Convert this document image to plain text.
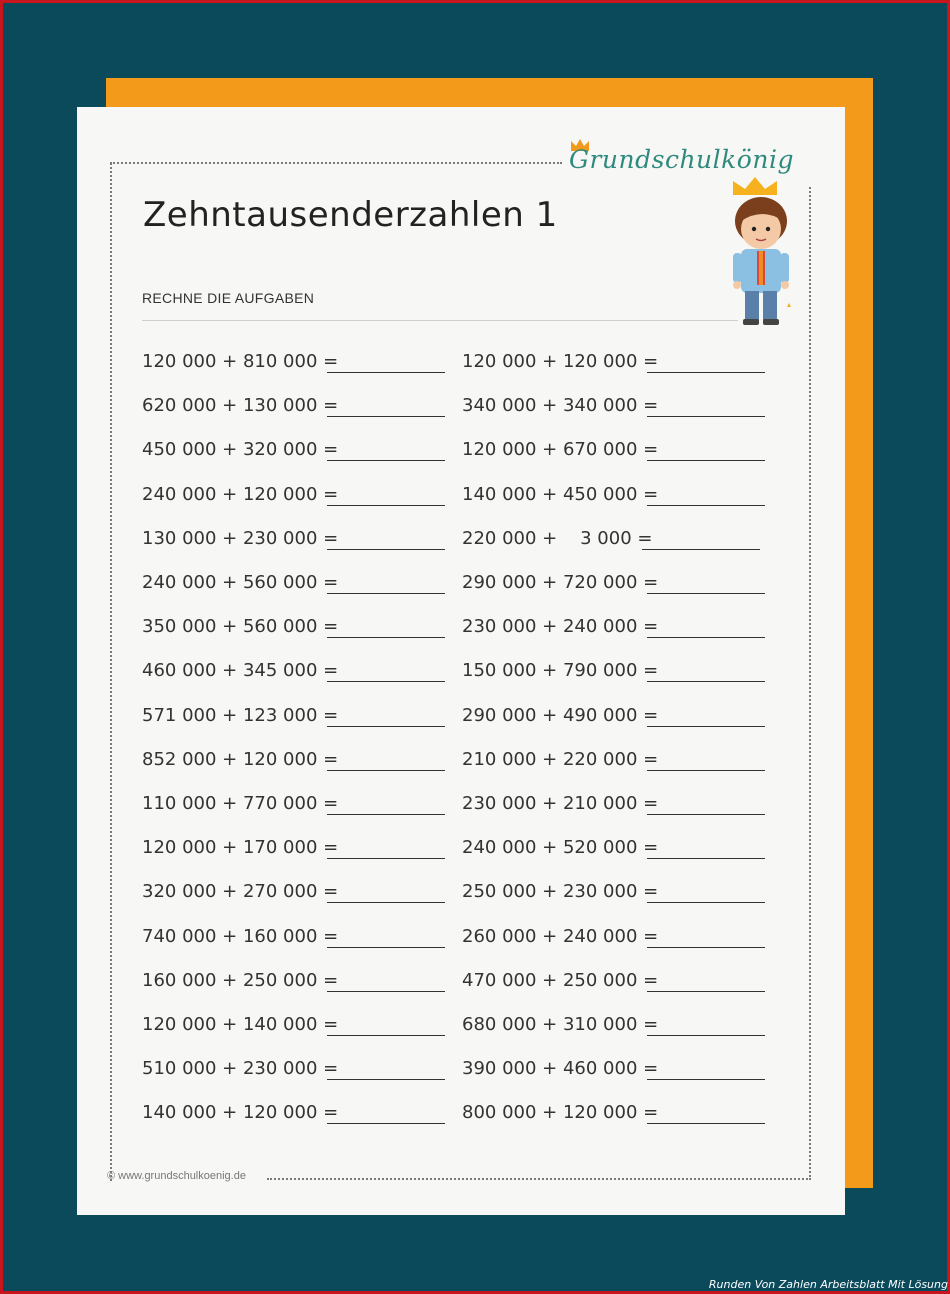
Grundschulkönig
Zehntausenderzahlen 1
RECHNE DIE AUFGABEN
120 000 + 810 000 =
620 000 + 130 000 =
450 000 + 320 000 =
240 000 + 120 000 =
130 000 + 230 000 =
240 000 + 560 000 =
350 000 + 560 000 =
460 000 + 345 000 =
571 000 + 123 000 =
852 000 + 120 000 =
110 000 + 770 000 =
120 000 + 170 000 =
320 000 + 270 000 =
740 000 + 160 000 =
160 000 + 250 000 =
120 000 + 140 000 =
510 000 + 230 000 =
140 000 + 120 000 =
120 000 + 120 000 =
340 000 + 340 000 =
120 000 + 670 000 =
140 000 + 450 000 =
220 000 +    3 000 =
290 000 + 720 000 =
230 000 + 240 000 =
150 000 + 790 000 =
290 000 + 490 000 =
210 000 + 220 000 =
230 000 + 210 000 =
240 000 + 520 000 =
250 000 + 230 000 =
260 000 + 240 000 =
470 000 + 250 000 =
680 000 + 310 000 =
390 000 + 460 000 =
800 000 + 120 000 =
© www.grundschulkoenig.de
Runden Von Zahlen Arbeitsblatt Mit Lösung
